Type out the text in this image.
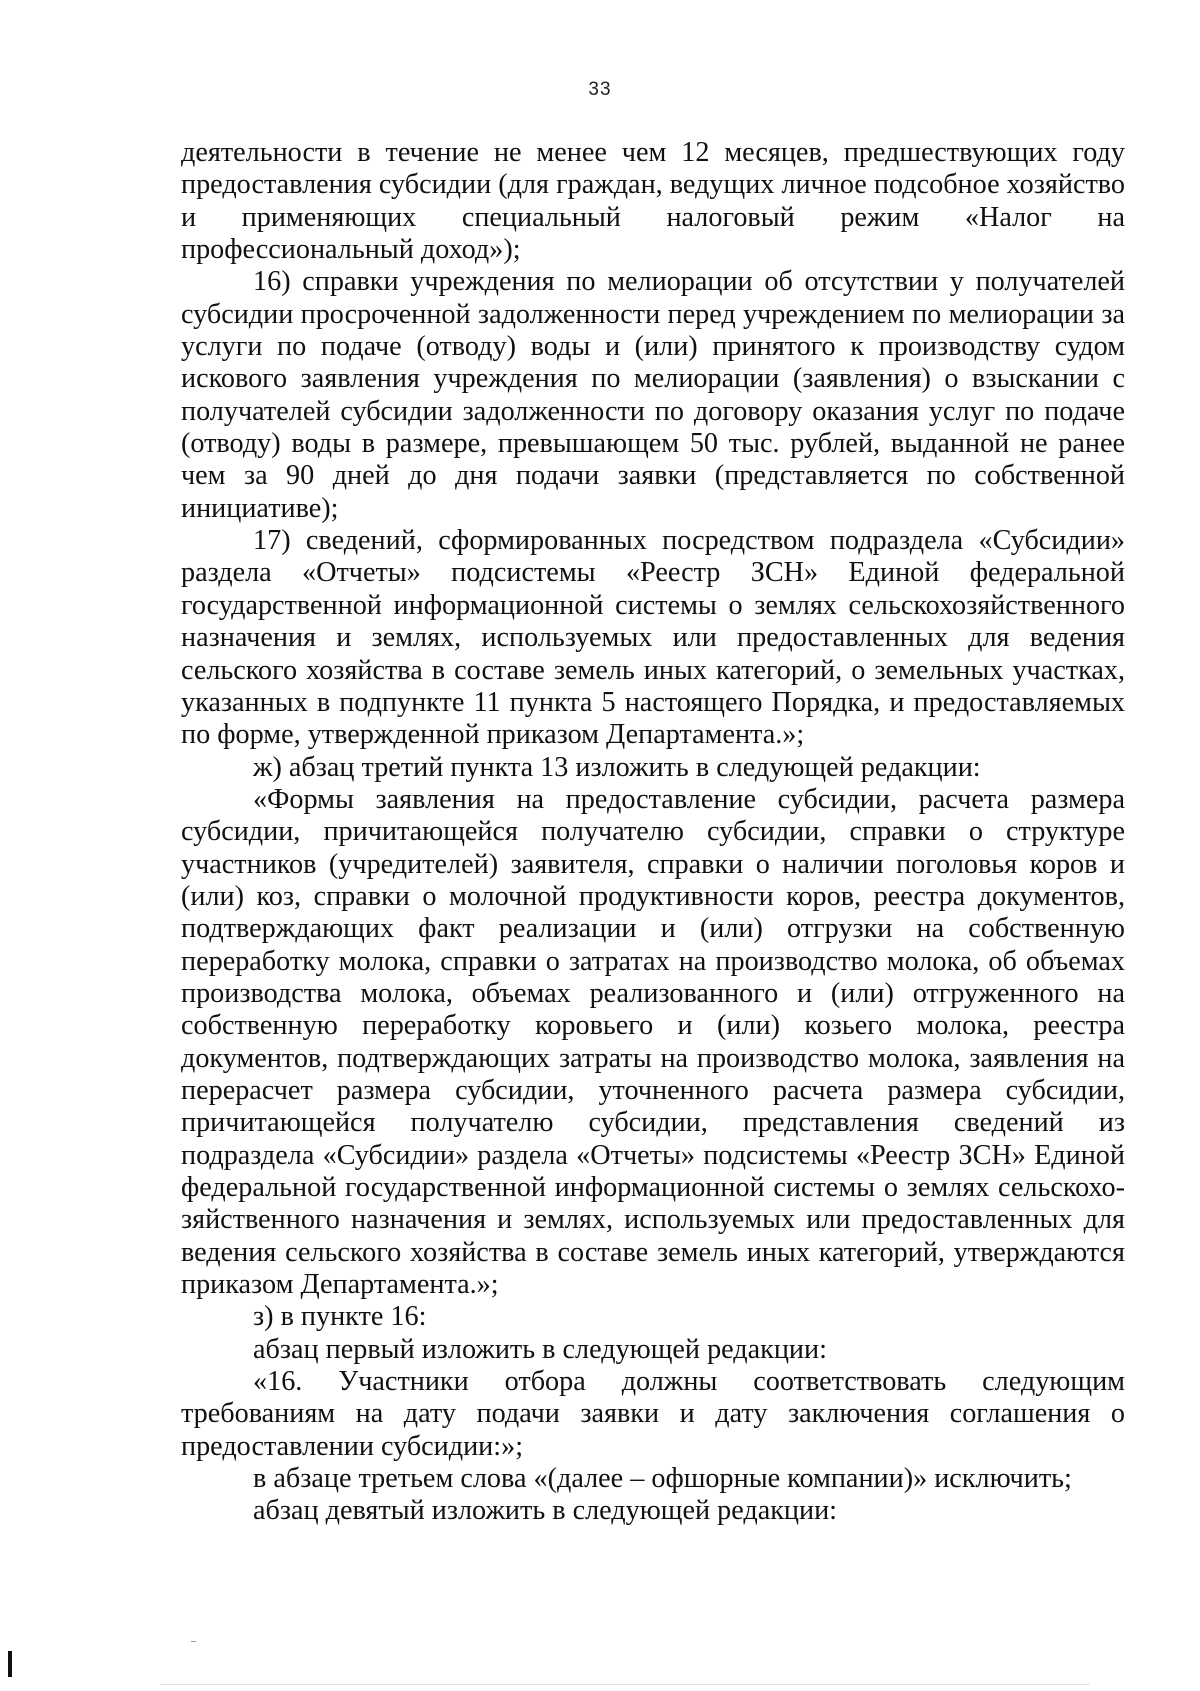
33

деятельности в течение не менее чем 12 месяцев, предшествующих году предоставления субсидии (для граждан, ведущих личное подсобное хозяйство и применяющих специальный налоговый режим «Налог на профессиональный доход»);

16) справки учреждения по мелиорации об отсутствии у получателей субсидии просроченной задолженности перед учреждением по мелиорации за услуги по подаче (отводу) воды и (или) принятого к производству судом искового заявления учреждения по мелиорации (заявления) о взыскании с получателей субсидии задолженности по договору оказания услуг по подаче (отводу) воды в размере, превышающем 50 тыс. рублей, выданной не ранее чем за 90 дней до дня подачи заявки (представляется по собственной инициативе);

17) сведений, сформированных посредством подраздела «Субсидии» раздела «Отчеты» подсистемы «Реестр ЗСН» Единой федеральной государственной информационной системы о землях сельскохозяйственного назначения и землях, используемых или предоставленных для ведения сельского хозяйства в составе земель иных категорий, о земельных участках, указанных в подпункте 11 пункта 5 настоящего Порядка, и предоставляемых по форме, утвержденной приказом Департамента.»;

ж) абзац третий пункта 13 изложить в следующей редакции:

«Формы заявления на предоставление субсидии, расчета размера субсидии, причитающейся получателю субсидии, справки о структуре участников (учредителей) заявителя, справки о наличии поголовья коров и (или) коз, справки о молочной продуктивности коров, реестра документов, подтверждающих факт реализации и (или) отгрузки на собственную переработку молока, справки о затратах на производство молока, об объемах производства молока, объемах реализованного и (или) отгруженного на собственную переработку коровьего и (или) козьего молока, реестра документов, подтверждающих затраты на производство молока, заявления на перерасчет размера субсидии, уточненного расчета размера субсидии, причитающейся получателю субсидии, представления сведений из подраздела «Субсидии» раздела «Отчеты» подсистемы «Реестр ЗСН» Единой федеральной государственной информационной системы о землях сельскохозяйственного назначения и землях, используемых или предоставленных для ведения сельского хозяйства в составе земель иных категорий, утверждаются приказом Департамента.»;

з) в пункте 16:

абзац первый изложить в следующей редакции:

«16. Участники отбора должны соответствовать следующим требованиям на дату подачи заявки и дату заключения соглашения о предоставлении субсидии:»;

в абзаце третьем слова «(далее – офшорные компании)» исключить;

абзац девятый изложить в следующей редакции:
